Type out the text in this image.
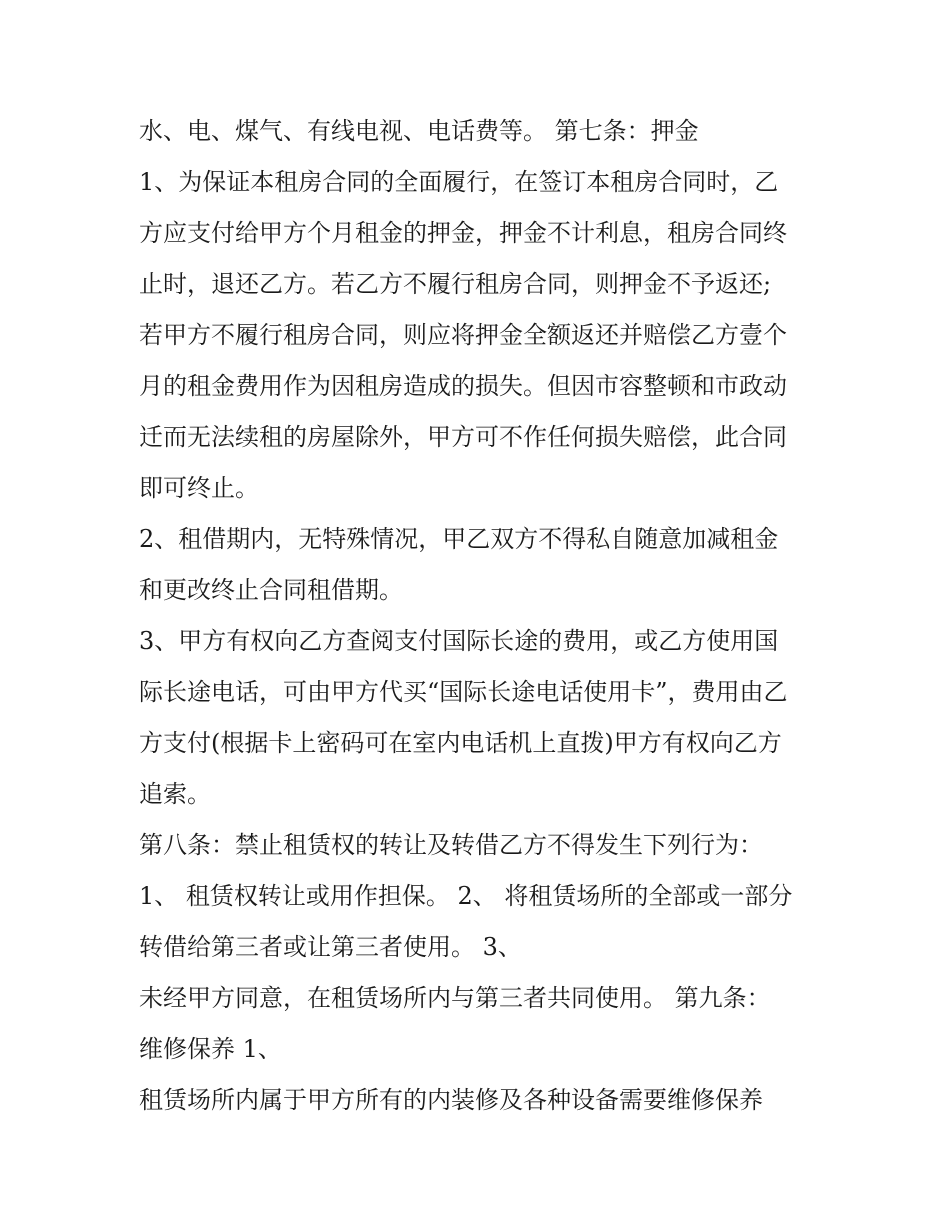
水、电、煤气、有线电视、电话费等。 第七条：押金
1、为保证本租房合同的全面履行，在签订本租房合同时，乙
方应支付给甲方个月租金的押金，押金不计利息，租房合同终
止时，退还乙方。若乙方不履行租房合同，则押金不予返还;
若甲方不履行租房合同，则应将押金全额返还并赔偿乙方壹个
月的租金费用作为因租房造成的损失。但因市容整顿和市政动
迁而无法续租的房屋除外，甲方可不作任何损失赔偿，此合同
即可终止。
2、租借期内，无特殊情况，甲乙双方不得私自随意加减租金
和更改终止合同租借期。
3、甲方有权向乙方查阅支付国际长途的费用，或乙方使用国
际长途电话，可由甲方代买“国际长途电话使用卡”，费用由乙
方支付(根据卡上密码可在室内电话机上直拨)甲方有权向乙方
追索。
第八条：禁止租赁权的转让及转借乙方不得发生下列行为：
1、 租赁权转让或用作担保。 2、 将租赁场所的全部或一部分
转借给第三者或让第三者使用。 3、
未经甲方同意，在租赁场所内与第三者共同使用。 第九条：
维修保养 1、
租赁场所内属于甲方所有的内装修及各种设备需要维修保养
